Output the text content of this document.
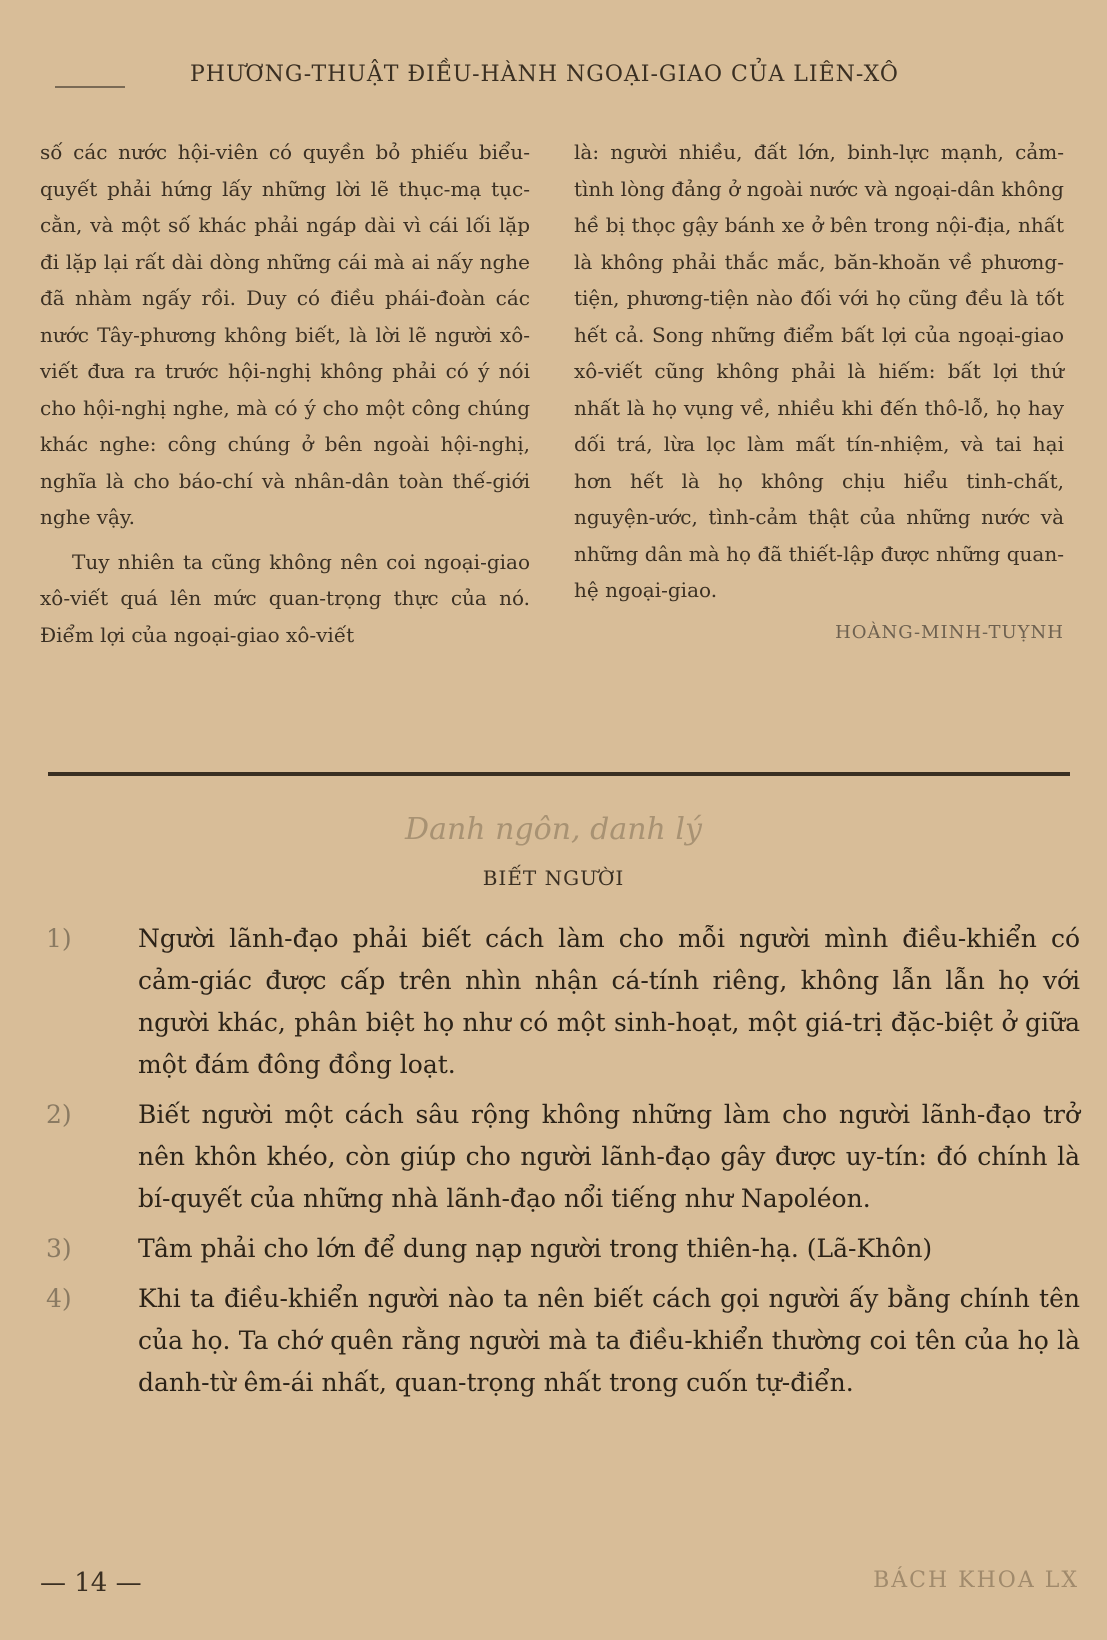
PHƯƠNG-THUẬT ĐIỀU-HÀNH NGOẠI-GIAO CỦA LIÊN-XÔ

số các nước hội-viên có quyền bỏ phiếu biểu-quyết phải hứng lấy những lời lẽ thục-mạ tục-cằn, và một số khác phải ngáp dài vì cái lối lặp đi lặp lại rất dài dòng những cái mà ai nấy nghe đã nhàm ngấy rồi. Duy có điều phái-đoàn các nước Tây-phương không biết, là lời lẽ người xô-viết đưa ra trước hội-nghị không phải có ý nói cho hội-nghị nghe, mà có ý cho một công chúng khác nghe: công chúng ở bên ngoài hội-nghị, nghĩa là cho báo-chí và nhân-dân toàn thế-giới nghe vậy.

Tuy nhiên ta cũng không nên coi ngoại-giao xô-viết quá lên mức quan-trọng thực của nó. Điểm lợi của ngoại-giao xô-viết

là: người nhiều, đất lớn, binh-lực mạnh, cảm-tình lòng đảng ở ngoài nước và ngoại-dân không hề bị thọc gậy bánh xe ở bên trong nội-địa, nhất là không phải thắc mắc, băn-khoăn về phương-tiện, phương-tiện nào đối với họ cũng đều là tốt hết cả. Song những điểm bất lợi của ngoại-giao xô-viết cũng không phải là hiếm: bất lợi thứ nhất là họ vụng về, nhiều khi đến thô-lỗ, họ hay dối trá, lừa lọc làm mất tín-nhiệm, và tai hại hơn hết là họ không chịu hiểu tinh-chất, nguyện-ước, tình-cảm thật của những nước và những dân mà họ đã thiết-lập được những quan-hệ ngoại-giao.

HOÀNG-MINH-TUỴNH
Danh ngôn, danh lý
BIẾT NGƯỜI
1)	Người lãnh-đạo phải biết cách làm cho mỗi người mình điều-khiển có cảm-giác được cấp trên nhìn nhận cá-tính riêng, không lẫn lẫn họ với người khác, phân biệt họ như có một sinh-hoạt, một giá-trị đặc-biệt ở giữa một đám đông đồng loạt.
2)	Biết người một cách sâu rộng không những làm cho người lãnh-đạo trở nên khôn khéo, còn giúp cho người lãnh-đạo gây được uy-tín: đó chính là bí-quyết của những nhà lãnh-đạo nổi tiếng như Napoléon.
3)	Tâm phải cho lớn để dung nạp người trong thiên-hạ. (Lã-Khôn)
4)	Khi ta điều-khiển người nào ta nên biết cách gọi người ấy bằng chính tên của họ. Ta chớ quên rằng người mà ta điều-khiển thường coi tên của họ là danh-từ êm-ái nhất, quan-trọng nhất trong cuốn tự-điển.
— 14 —	BÁCH KHOA LX
